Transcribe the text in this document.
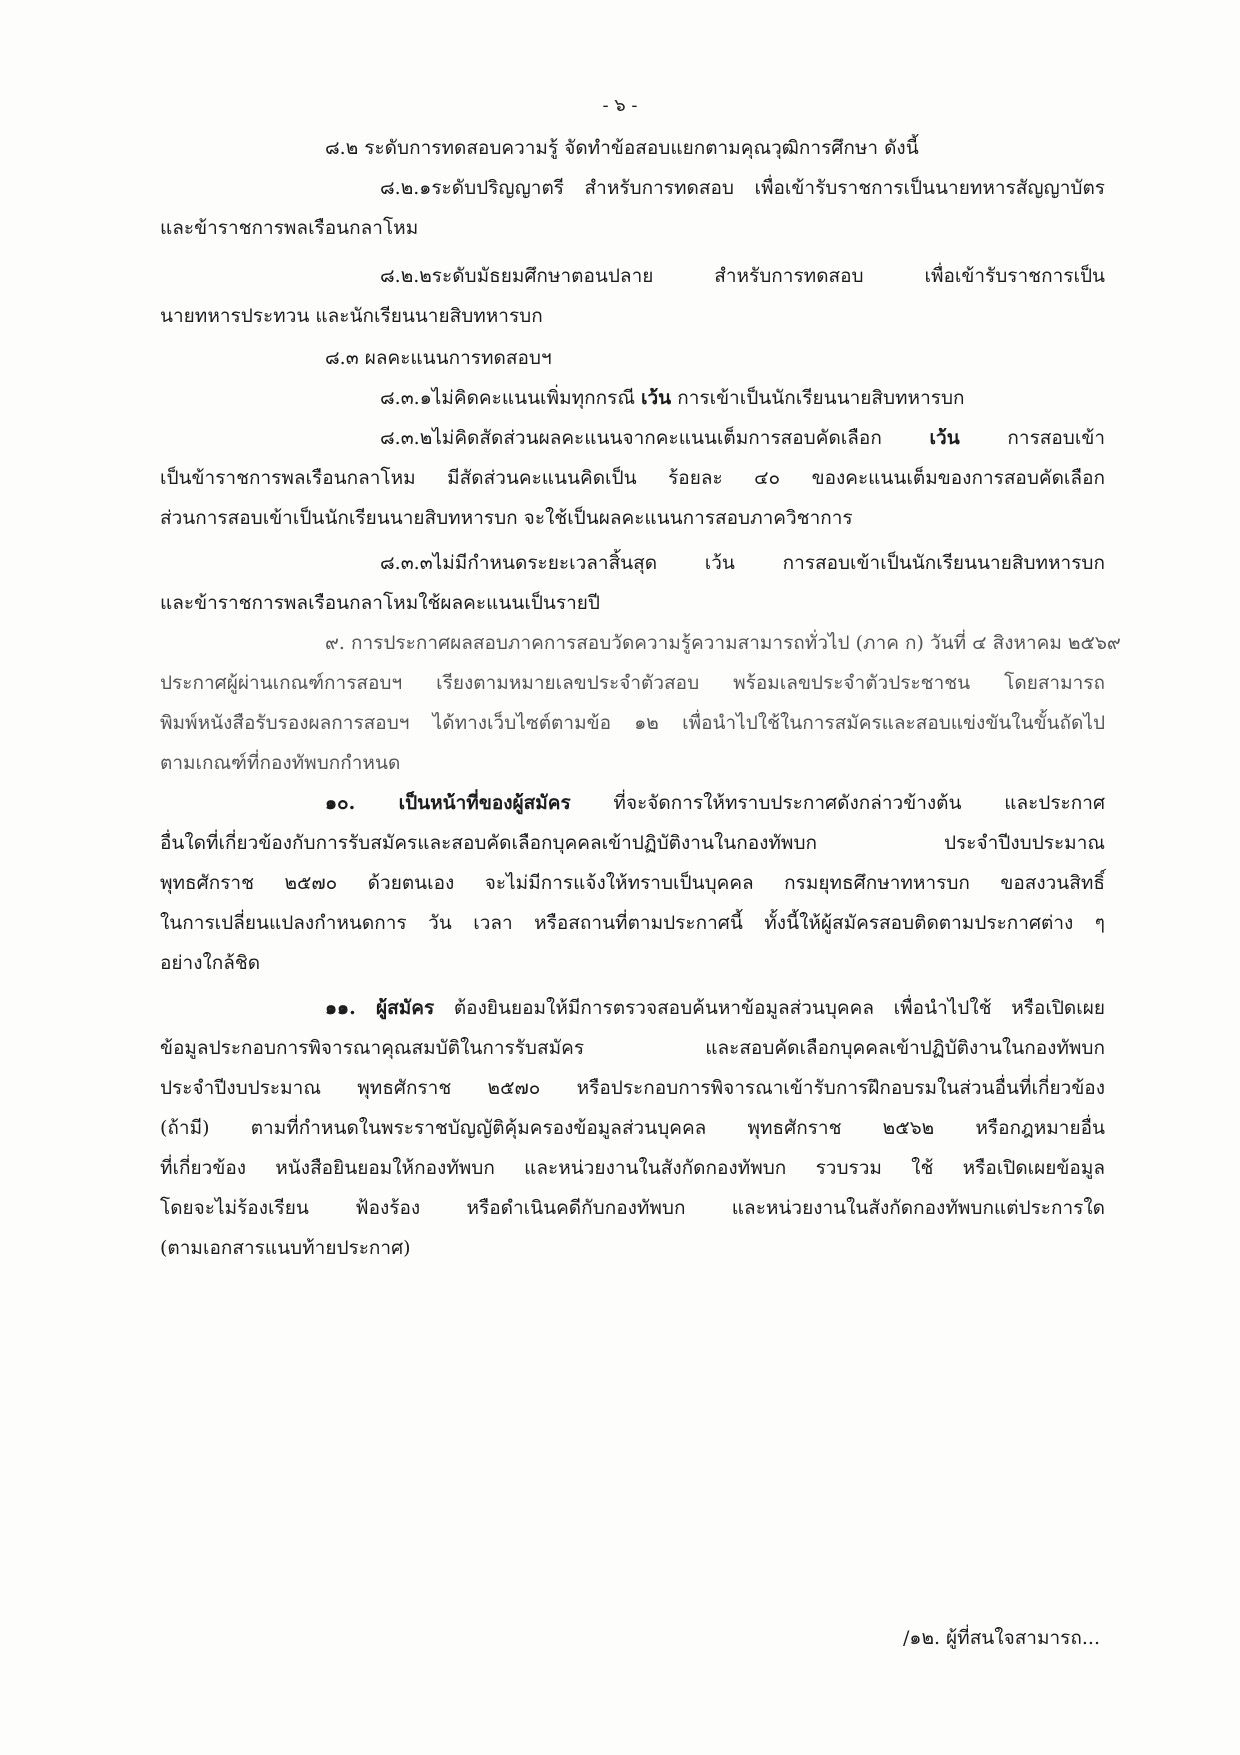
- ๖ -
๘.๒ ระดับการทดสอบความรู้ จัดทำข้อสอบแยกตามคุณวุฒิการศึกษา ดังนี้
๘.๒.๑ระดับปริญญาตรี สำหรับการทดสอบ เพื่อเข้ารับราชการเป็นนายทหารสัญญาบัตร
และข้าราชการพลเรือนกลาโหม
๘.๒.๒ระดับมัธยมศึกษาตอนปลาย สำหรับการทดสอบ เพื่อเข้ารับราชการเป็น
นายทหารประทวน และนักเรียนนายสิบทหารบก
๘.๓ ผลคะแนนการทดสอบฯ
๘.๓.๑ไม่คิดคะแนนเพิ่มทุกกรณี เว้น การเข้าเป็นนักเรียนนายสิบทหารบก
๘.๓.๒ไม่คิดสัดส่วนผลคะแนนจากคะแนนเต็มการสอบคัดเลือก เว้น การสอบเข้า
เป็นข้าราชการพลเรือนกลาโหม มีสัดส่วนคะแนนคิดเป็น ร้อยละ ๔๐ ของคะแนนเต็มของการสอบคัดเลือก
ส่วนการสอบเข้าเป็นนักเรียนนายสิบทหารบก จะใช้เป็นผลคะแนนการสอบภาควิชาการ
๘.๓.๓ไม่มีกำหนดระยะเวลาสิ้นสุด เว้น การสอบเข้าเป็นนักเรียนนายสิบทหารบก
และข้าราชการพลเรือนกลาโหมใช้ผลคะแนนเป็นรายปี
๙. การประกาศผลสอบภาคการสอบวัดความรู้ความสามารถทั่วไป (ภาค ก) วันที่ ๔ สิงหาคม ๒๕๖๙
ประกาศผู้ผ่านเกณฑ์การสอบฯ เรียงตามหมายเลขประจำตัวสอบ พร้อมเลขประจำตัวประชาชน โดยสามารถ
พิมพ์หนังสือรับรองผลการสอบฯ ได้ทางเว็บไซต์ตามข้อ ๑๒ เพื่อนำไปใช้ในการสมัครและสอบแข่งขันในขั้นถัดไป
ตามเกณฑ์ที่กองทัพบกกำหนด
๑๐. เป็นหน้าที่ของผู้สมัคร ที่จะจัดการให้ทราบประกาศดังกล่าวข้างต้น และประกาศ
อื่นใดที่เกี่ยวข้องกับการรับสมัครและสอบคัดเลือกบุคคลเข้าปฏิบัติงานในกองทัพบก ประจำปีงบประมาณ
พุทธศักราช ๒๕๗๐ ด้วยตนเอง จะไม่มีการแจ้งให้ทราบเป็นบุคคล กรมยุทธศึกษาทหารบก ขอสงวนสิทธิ์
ในการเปลี่ยนแปลงกำหนดการ วัน เวลา หรือสถานที่ตามประกาศนี้ ทั้งนี้ให้ผู้สมัครสอบติดตามประกาศต่าง ๆ
อย่างใกล้ชิด
๑๑. ผู้สมัคร ต้องยินยอมให้มีการตรวจสอบค้นหาข้อมูลส่วนบุคคล เพื่อนำไปใช้ หรือเปิดเผย
ข้อมูลประกอบการพิจารณาคุณสมบัติในการรับสมัคร และสอบคัดเลือกบุคคลเข้าปฏิบัติงานในกองทัพบก
ประจำปีงบประมาณ พุทธศักราช ๒๕๗๐ หรือประกอบการพิจารณาเข้ารับการฝึกอบรมในส่วนอื่นที่เกี่ยวข้อง
(ถ้ามี) ตามที่กำหนดในพระราชบัญญัติคุ้มครองข้อมูลส่วนบุคคล พุทธศักราช ๒๕๖๒ หรือกฎหมายอื่น
ที่เกี่ยวข้อง หนังสือยินยอมให้กองทัพบก และหน่วยงานในสังกัดกองทัพบก รวบรวม ใช้ หรือเปิดเผยข้อมูล
โดยจะไม่ร้องเรียน ฟ้องร้อง หรือดำเนินคดีกับกองทัพบก และหน่วยงานในสังกัดกองทัพบกแต่ประการใด
(ตามเอกสารแนบท้ายประกาศ)
/๑๒. ผู้ที่สนใจสามารถ...
